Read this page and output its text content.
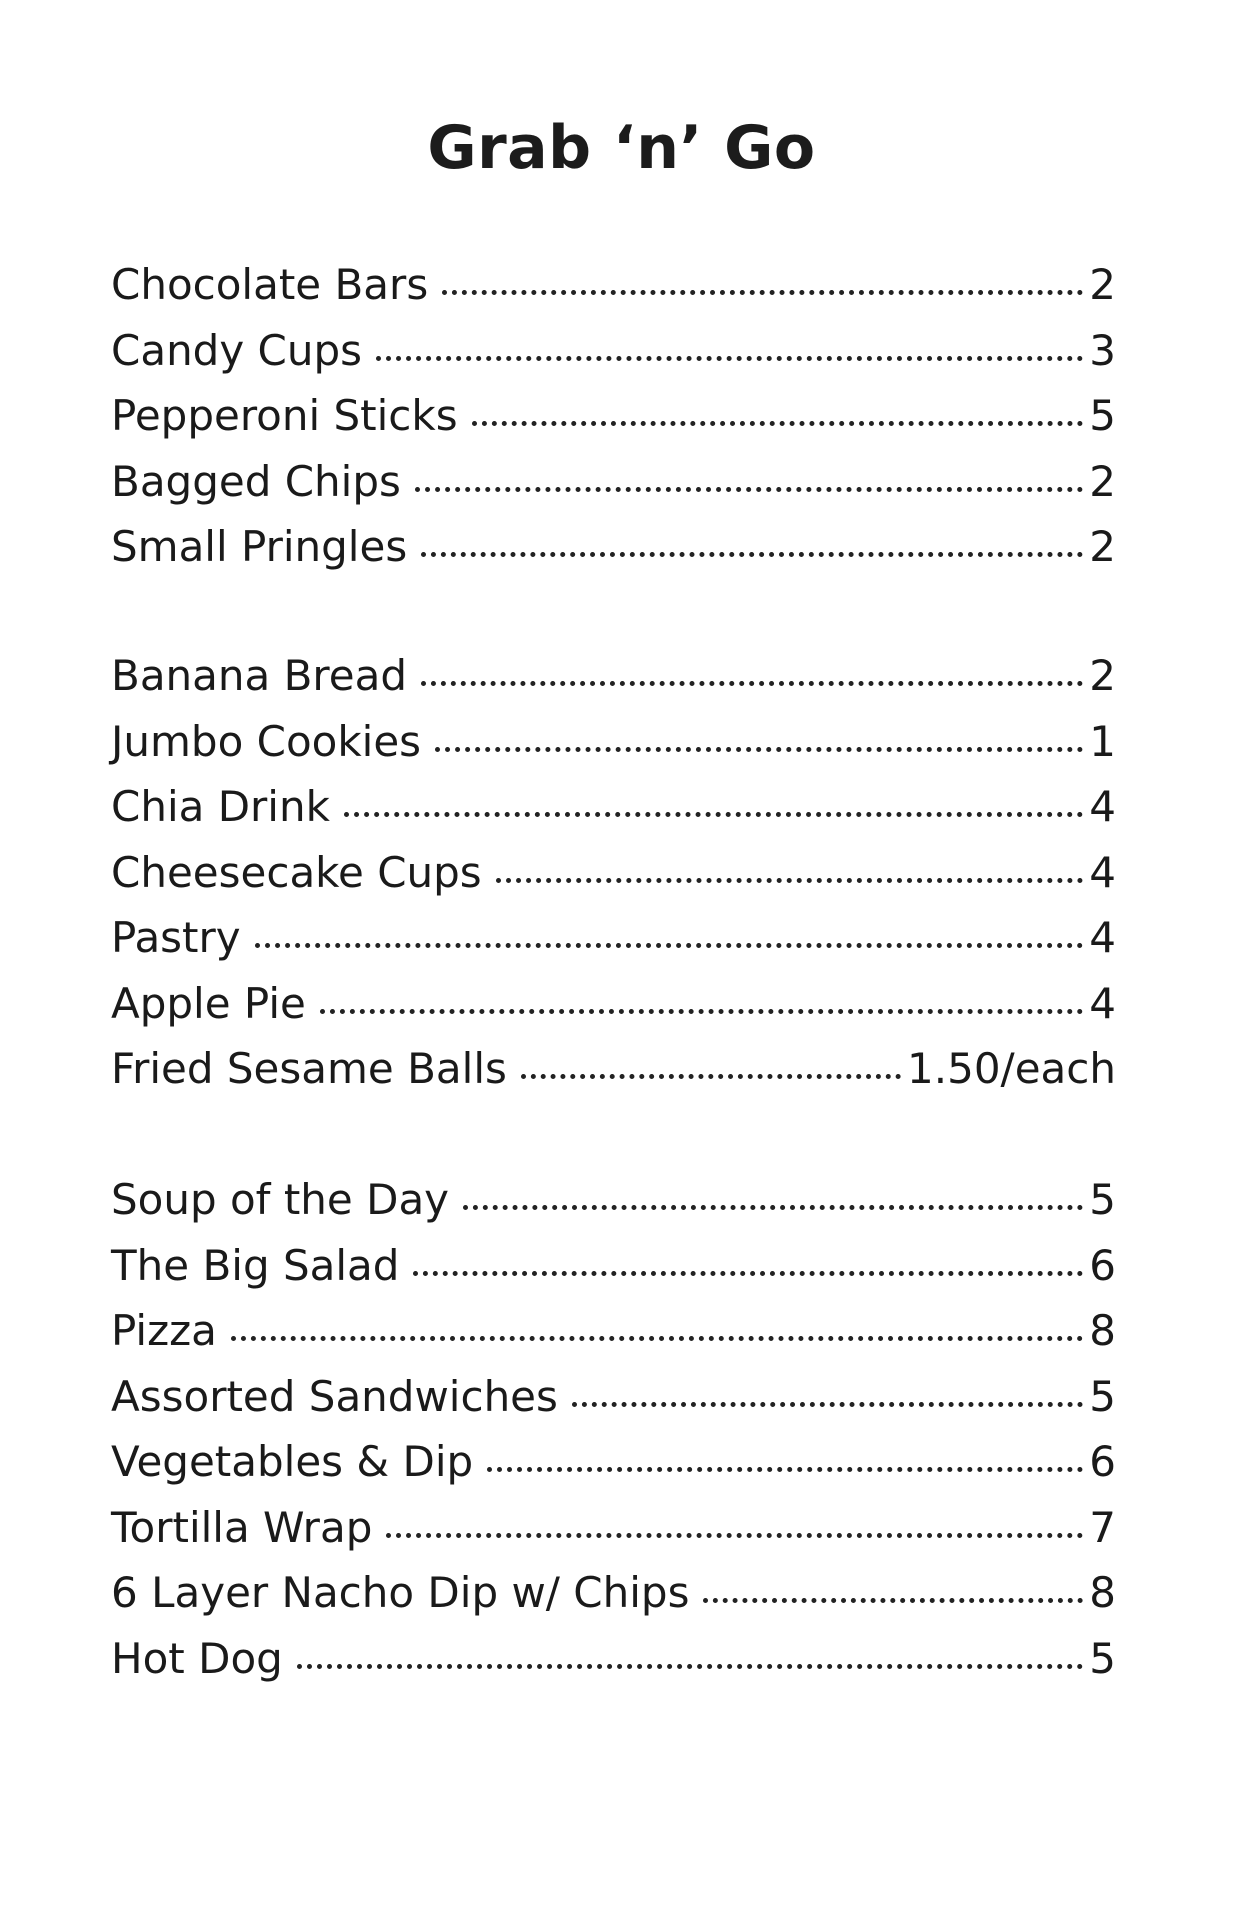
Grab ‘n’ Go
Chocolate Bars	2
Candy Cups	3
Pepperoni Sticks	5
Bagged Chips	2
Small Pringles	2
Banana Bread	2
Jumbo Cookies	1
Chia Drink	4
Cheesecake Cups	4
Pastry	4
Apple Pie	4
Fried Sesame Balls	1.50/each
Soup of the Day	5
The Big Salad	6
Pizza	8
Assorted Sandwiches	5
Vegetables & Dip	6
Tortilla Wrap	7
6 Layer Nacho Dip w/ Chips	8
Hot Dog	5
